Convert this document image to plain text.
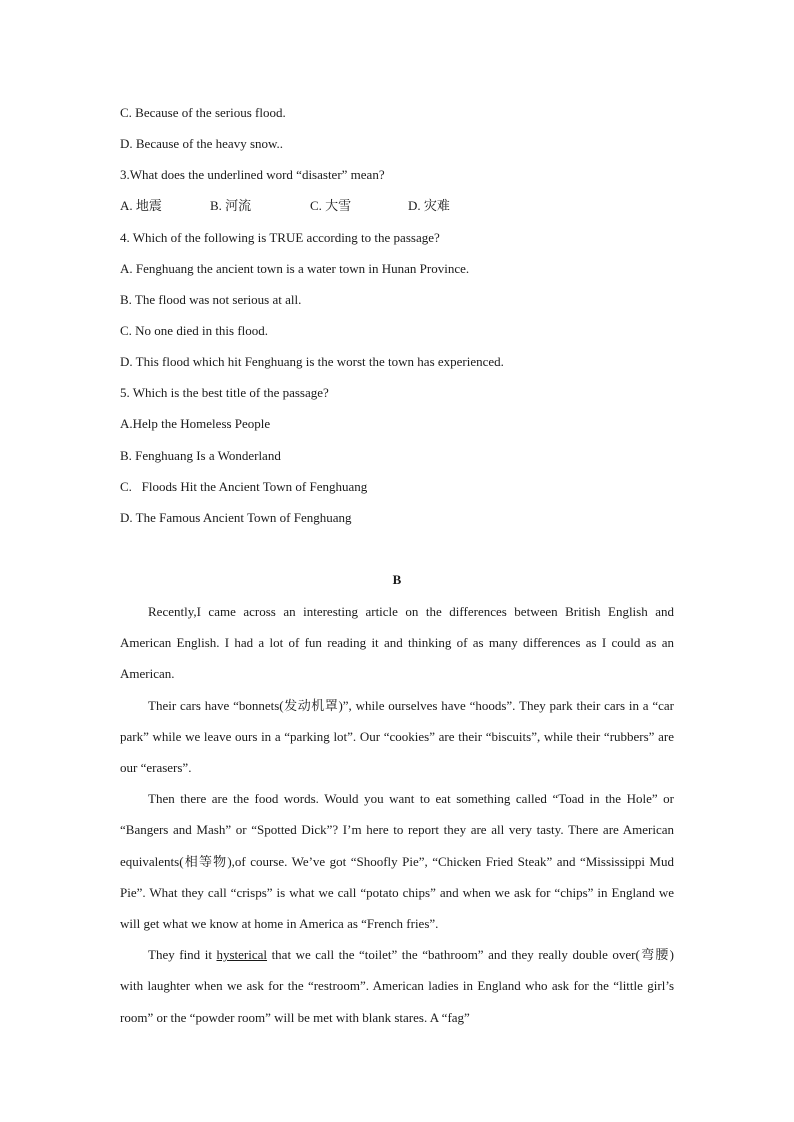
C. Because of the serious flood.
D. Because of the heavy snow..
3.What does the underlined word “disaster” mean?
A. 地震	B. 河流	C. 大雪	D. 灾难
4. Which of the following is TRUE according to the passage?
A. Fenghuang the ancient town is a water town in Hunan Province.
B. The flood was not serious at all.
C. No one died in this flood.
D. This flood which hit Fenghuang is the worst the town has experienced.
5. Which is the best title of the passage?
A.Help the Homeless People
B. Fenghuang Is a Wonderland
C.   Floods Hit the Ancient Town of Fenghuang
D. The Famous Ancient Town of Fenghuang
B

Recently,I came across an interesting article on the differences between British English and American English. I had a lot of fun reading it and thinking of as many differences as I could as an American.

Their cars have “bonnets(发动机罩)”, while ourselves have “hoods”. They park their cars in a “car park” while we leave ours in a “parking lot”. Our “cookies” are their “biscuits”, while their “rubbers” are our “erasers”.

Then there are the food words. Would you want to eat something called “Toad in the Hole” or “Bangers and Mash” or “Spotted Dick”? I’m here to report they are all very tasty. There are American equivalents(相等物),of course. We’ve got “Shoofly Pie”, “Chicken Fried Steak” and “Mississippi Mud Pie”. What they call “crisps” is what we call “potato chips” and when we ask for “chips” in England we will get what we know at home in America as “French fries”.

They find it hysterical that we call the “toilet” the “bathroom” and they really double over(弯腰) with laughter when we ask for the “restroom”. American ladies in England who ask for the “little girl’s room” or the “powder room” will be met with blank stares. A “fag”
